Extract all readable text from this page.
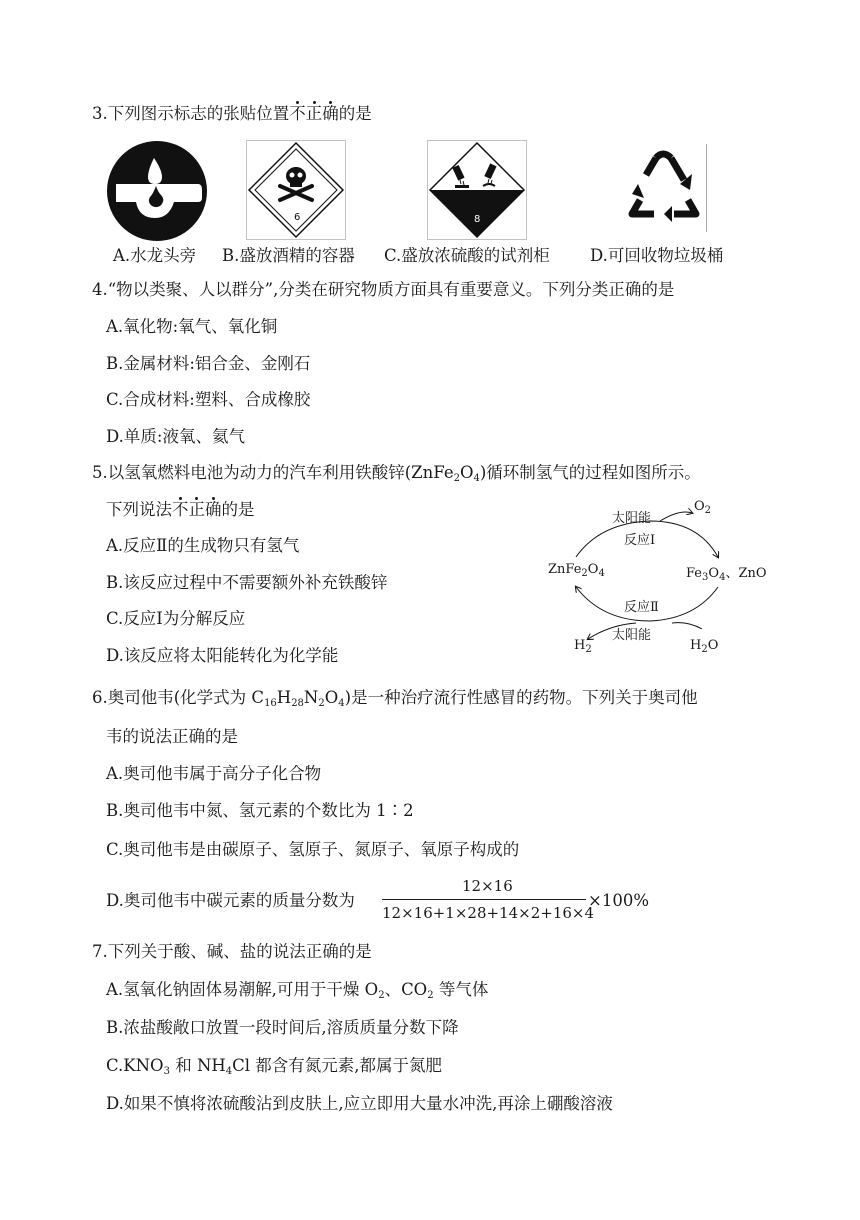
3.下列图示标志的张贴位置不正确的是
6	8
A.水龙头旁 B.盛放酒精的容器 C.盛放浓硫酸的试剂柜 D.可回收物垃圾桶
4.“物以类聚、人以群分”,分类在研究物质方面具有重要意义。下列分类正确的是
A.氧化物:氧气、氧化铜
B.金属材料:铝合金、金刚石
C.合成材料:塑料、合成橡胶
D.单质:液氧、氦气
5.以氢氧燃料电池为动力的汽车利用铁酸锌$(ZnFe_2O_4)$循环制氢气的过程如图所示。
下列说法不正确的是
A.反应Ⅱ的生成物只有氢气
B.该反应过程中不需要额外补充铁酸锌
C.反应Ⅰ为分解反应
D.该反应将太阳能转化为化学能
太阳能
$O_2$
反应Ⅰ
$ZnFe_2O_4$	$Fe_3O_4$、ZnO
反应Ⅱ
太阳能
$H_2$	$H_2O$
6.奥司他韦(化学式为 $C_{16}H_{28}N_2O_4$)是一种治疗流行性感冒的药物。下列关于奥司他
韦的说法正确的是
A.奥司他韦属于高分子化合物
B.奥司他韦中氮、氢元素的个数比为 1∶2
C.奥司他韦是由碳原子、氢原子、氮原子、氧原子构成的
D.奥司他韦中碳元素的质量分数为
12×16
12×16+1×28+14×2+16×4
×100%
7.下列关于酸、碱、盐的说法正确的是
A.氢氧化钠固体易潮解,可用于干燥 $O_2$、$CO_2$ 等气体
B.浓盐酸敞口放置一段时间后,溶质质量分数下降
$C.KNO_3$ 和 $NH_4Cl$ 都含有氮元素,都属于氮肥
D.如果不慎将浓硫酸沾到皮肤上,应立即用大量水冲洗,再涂上硼酸溶液
